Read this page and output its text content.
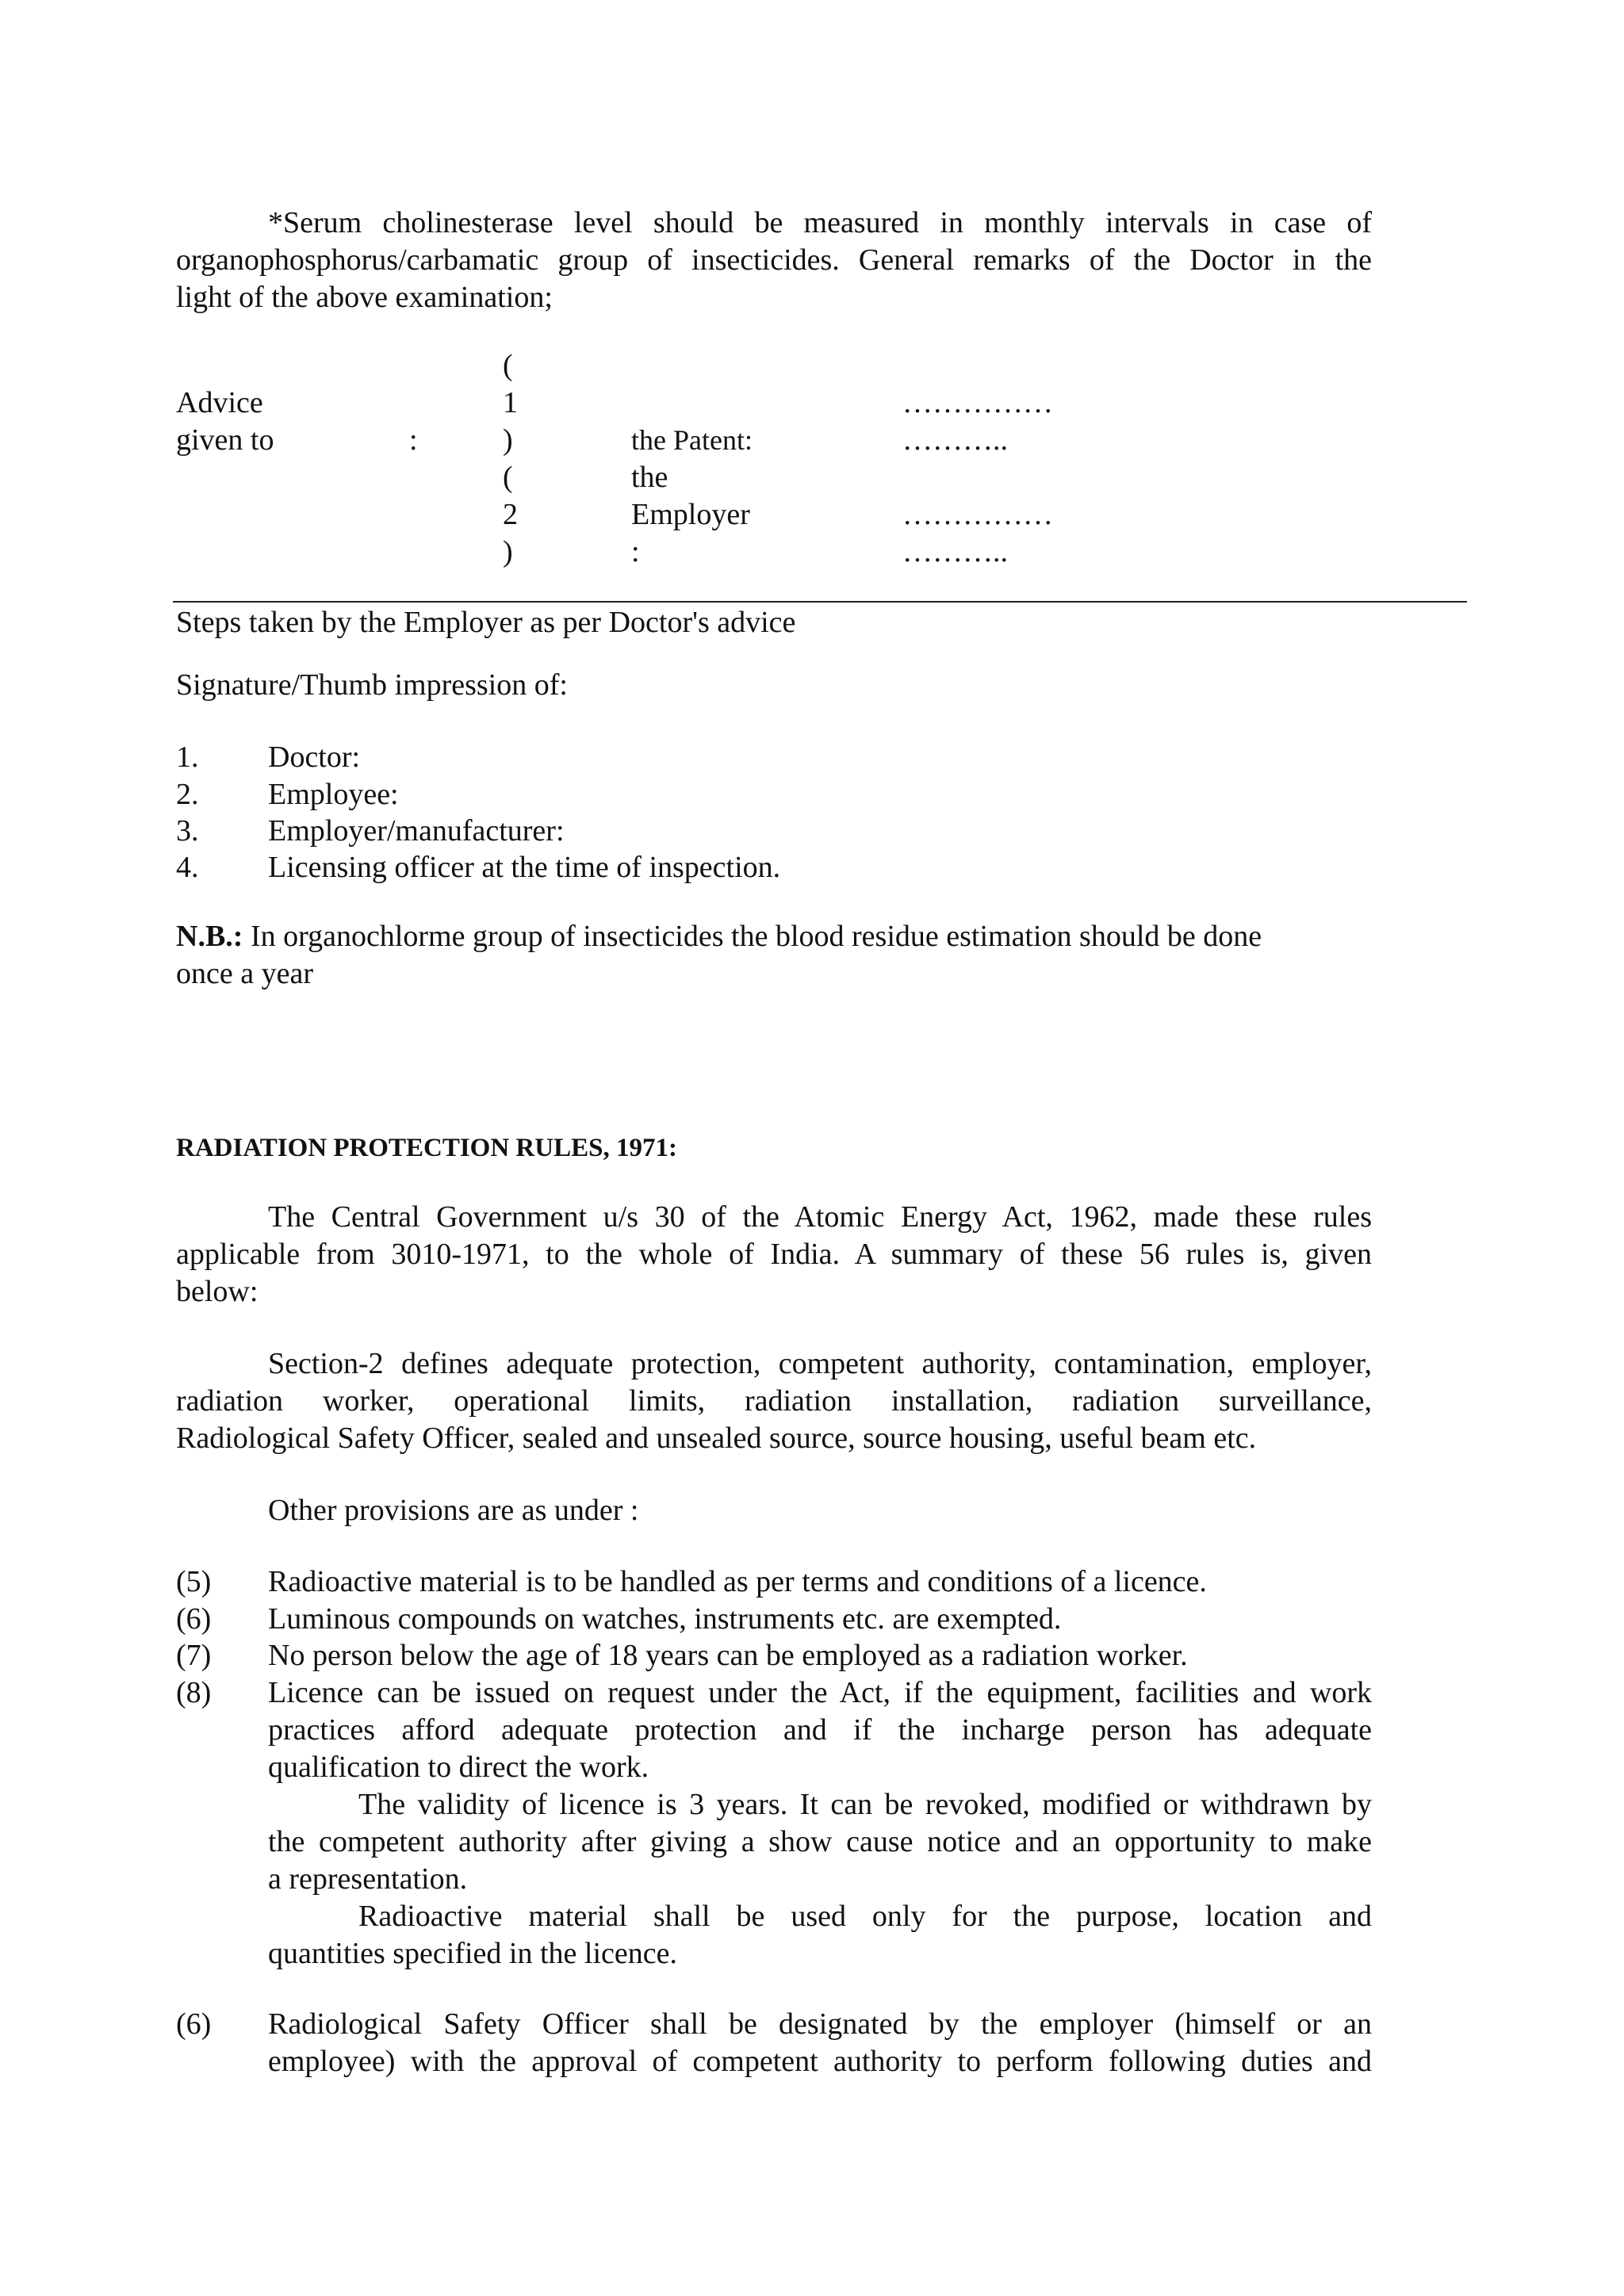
*Serum cholinesterase level should be measured in monthly intervals in case of
organophosphorus/carbamatic group of insecticides. General remarks of the Doctor in the
light of the above examination;
Advice
given to	:
(
1
)
(
2
)
the Patent:
the
Employer
:
……………
………..
……………
………..
Steps taken by the Employer as per Doctor's advice
Signature/Thumb impression of:
1. Doctor:
2. Employee:
3. Employer/manufacturer:
4. Licensing officer at the time of inspection.
N.B.: In organochlorme group of insecticides the blood residue estimation should be done
once a year
RADIATION PROTECTION RULES, 1971:
The Central Government u/s 30 of the Atomic Energy Act, 1962, made these rules
applicable from 3010-1971, to the whole of India. A summary of these 56 rules is, given
below:
Section-2 defines adequate protection, competent authority, contamination, employer,
radiation worker, operational limits, radiation installation, radiation surveillance,
Radiological Safety Officer, sealed and unsealed source, source housing, useful beam etc.
Other provisions are as under :
(5) Radioactive material is to be handled as per terms and conditions of a licence.
(6) Luminous compounds on watches, instruments etc. are exempted.
(7) No person below the age of 18 years can be employed as a radiation worker.
(8) Licence can be issued on request under the Act, if the equipment, facilities and work
practices afford adequate protection and if the incharge person has adequate
qualification to direct the work.
The validity of licence is 3 years. It can be revoked, modified or withdrawn by
the competent authority after giving a show cause notice and an opportunity to make
a representation.
Radioactive material shall be used only for the purpose, location and
quantities specified in the licence.
(6) Radiological Safety Officer shall be designated by the employer (himself or an
employee) with the approval of competent authority to perform following duties and
